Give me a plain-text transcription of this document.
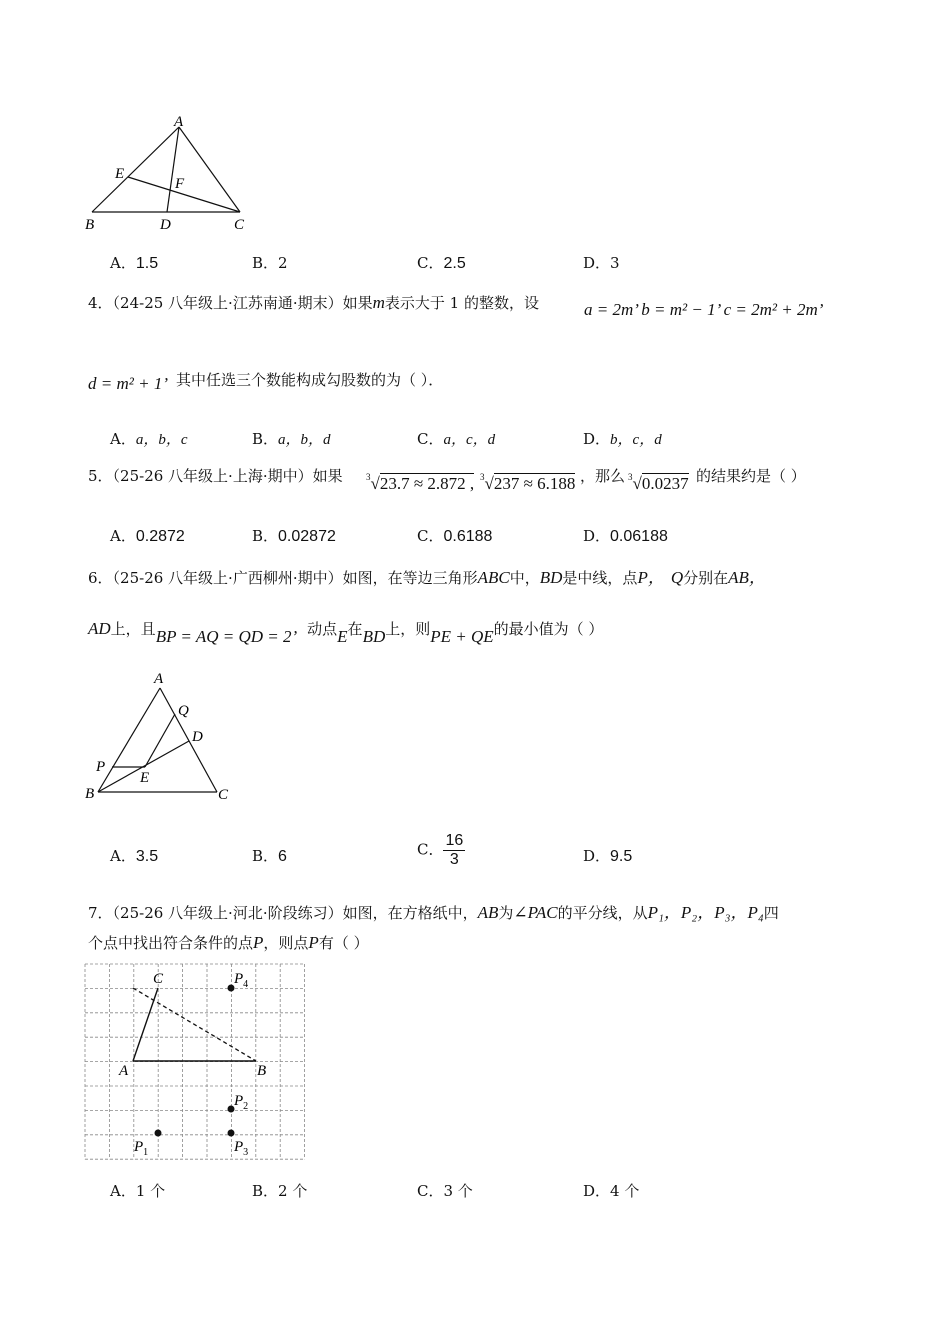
A
E
F
B	D	C
A．1.5	B．2	C．2.5	D．3
4．（24-25 八年级上·江苏南通·期末）如果m表示大于 1 的整数，设	a = 2m’ b = m² − 1’ c = 2m² + 2m’
d = m² + 1’ 其中任选三个数能构成勾股数的为（ ）．
A．a，b，c	B．a，b，d	C．a，c，d	D．b，c，d
5．（25-26 八年级上·上海·期中）如果	$^3$√23.7 ≈ 2.872 , $^3$√237 ≈ 6.188 ，那么 $^3$√0.0237 的结果约是（ ）
A．0.2872	B．0.02872	C．0.6188	D．0.06188
6．（25-26 八年级上·广西柳州·期中）如图，在等边三角形ABC中，BD是中线，点P， Q分别在AB，
AD上，且BP = AQ = QD = 2’ 动点E在BD上，则PE + QE的最小值为（ ）
A
Q
D
P
E
B	C
A．3.5	B．6	C． $\frac{16}{3}$	D．9.5
7．（25-26 八年级上·河北·阶段练习）如图，在方格纸中，AB为∠PAC的平分线，从P₁，P₂，P₃，P₄四
个点中找出符合条件的点P，则点P有（ ）
C	$P_4$
A	B
$P_2$
$P_1$	$P_3$
A．1 个	B．2 个	C．3 个	D．4 个
